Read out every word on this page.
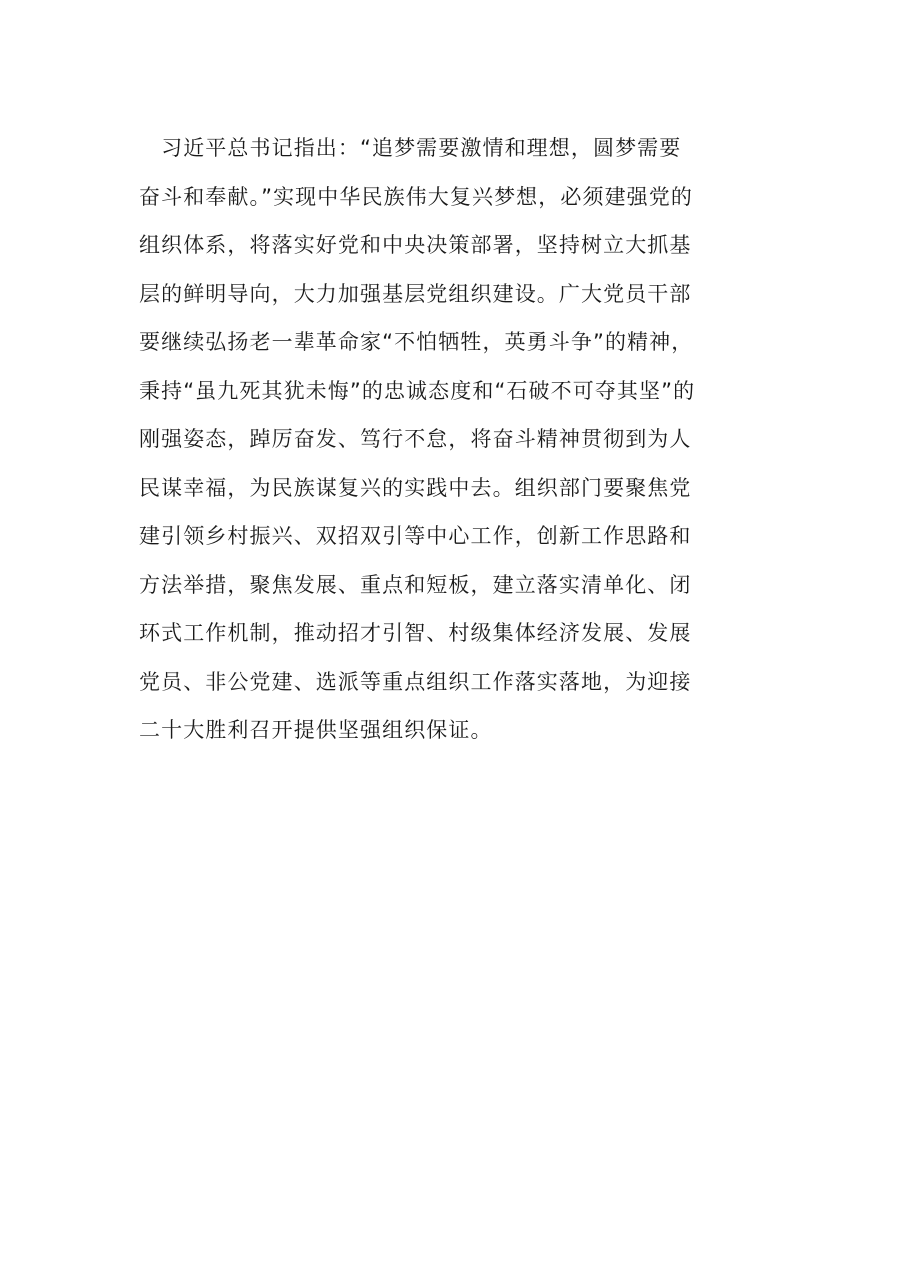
　习近平总书记指出：“追梦需要激情和理想，圆梦需要
奋斗和奉献。”实现中华民族伟大复兴梦想，必须建强党的
组织体系，将落实好党和中央决策部署，坚持树立大抓基
层的鲜明导向，大力加强基层党组织建设。广大党员干部
要继续弘扬老一辈革命家“不怕牺牲，英勇斗争”的精神，
秉持“虽九死其犹未悔”的忠诚态度和“石破不可夺其坚”的
刚强姿态，踔厉奋发、笃行不怠，将奋斗精神贯彻到为人
民谋幸福，为民族谋复兴的实践中去。组织部门要聚焦党
建引领乡村振兴、双招双引等中心工作，创新工作思路和
方法举措，聚焦发展、重点和短板，建立落实清单化、闭
环式工作机制，推动招才引智、村级集体经济发展、发展
党员、非公党建、选派等重点组织工作落实落地，为迎接
二十大胜利召开提供坚强组织保证。
